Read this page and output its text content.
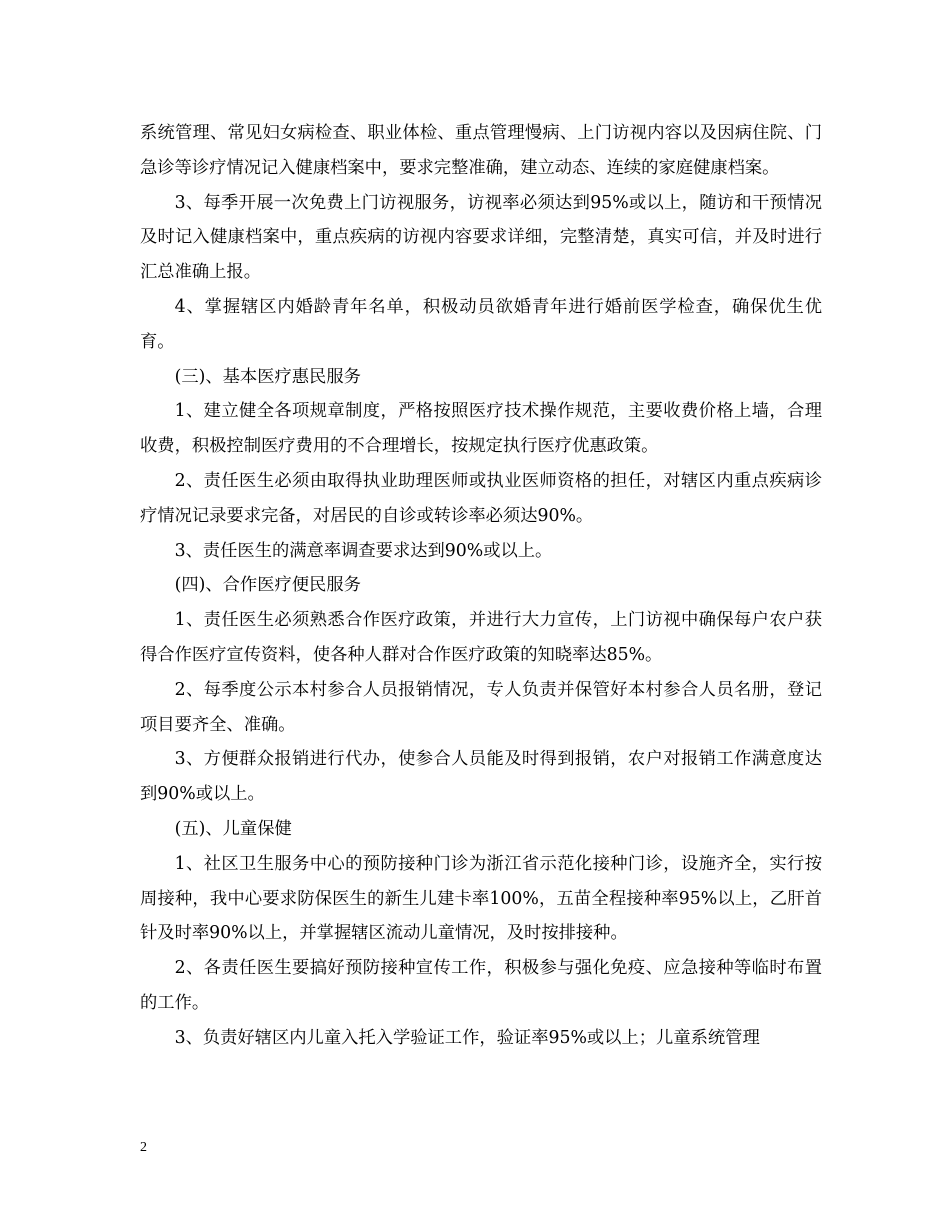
系统管理、常见妇女病检查、职业体检、重点管理慢病、上门访视内容以及因病住院、门急诊等诊疗情况记入健康档案中，要求完整准确，建立动态、连续的家庭健康档案。

3、每季开展一次免费上门访视服务，访视率必须达到95%或以上，随访和干预情况及时记入健康档案中，重点疾病的访视内容要求详细，完整清楚，真实可信，并及时进行汇总准确上报。

4、掌握辖区内婚龄青年名单，积极动员欲婚青年进行婚前医学检查，确保优生优育。

(三)、基本医疗惠民服务

1、建立健全各项规章制度，严格按照医疗技术操作规范，主要收费价格上墙，合理收费，积极控制医疗费用的不合理增长，按规定执行医疗优惠政策。

2、责任医生必须由取得执业助理医师或执业医师资格的担任，对辖区内重点疾病诊疗情况记录要求完备，对居民的自诊或转诊率必须达90%。

3、责任医生的满意率调查要求达到90%或以上。

(四)、合作医疗便民服务

1、责任医生必须熟悉合作医疗政策，并进行大力宣传，上门访视中确保每户农户获得合作医疗宣传资料，使各种人群对合作医疗政策的知晓率达85%。

2、每季度公示本村参合人员报销情况，专人负责并保管好本村参合人员名册，登记项目要齐全、准确。

3、方便群众报销进行代办，使参合人员能及时得到报销，农户对报销工作满意度达到90%或以上。

(五)、儿童保健

1、社区卫生服务中心的预防接种门诊为浙江省示范化接种门诊，设施齐全，实行按周接种，我中心要求防保医生的新生儿建卡率100%，五苗全程接种率95%以上，乙肝首针及时率90%以上，并掌握辖区流动儿童情况，及时按排接种。

2、各责任医生要搞好预防接种宣传工作，积极参与强化免疫、应急接种等临时布置的工作。

3、负责好辖区内儿童入托入学验证工作，验证率95%或以上；儿童系统管理

2
